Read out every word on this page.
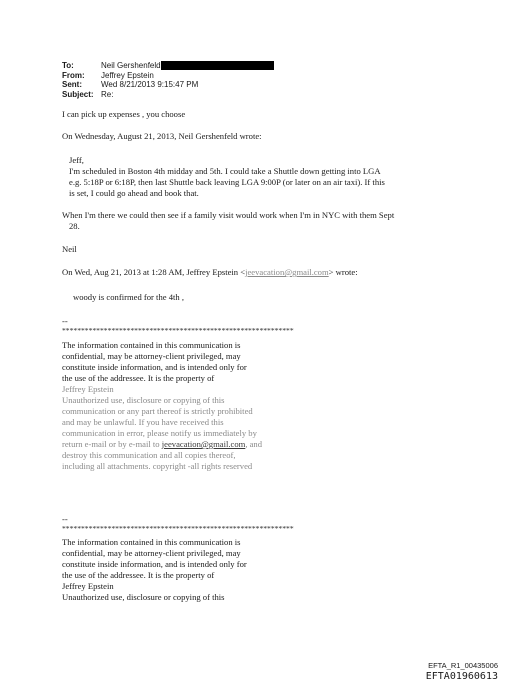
To:	Neil Gershenfeld
From:	Jeffrey Epstein
Sent:	Wed 8/21/2013 9:15:47 PM
Subject: Re:
I can pick up expenses , you choose
On Wednesday, August 21, 2013, Neil Gershenfeld wrote:
Jeff,
I'm scheduled in Boston 4th midday and 5th. I could take a Shuttle down getting into LGA
e.g. 5:18P or 6:18P, then last Shuttle back leaving LGA 9:00P (or later on an air taxi). If this
is set, I could go ahead and book that.
When I'm there we could then see if a family visit would work when I'm in NYC with them Sept
28.
Neil
On Wed, Aug 21, 2013 at 1:28 AM, Jeffrey Epstein <jeevacation@gmail.com> wrote:
woody is confirmed for the 4th ,
--
*************************************************************
The information contained in this communication is
confidential, may be attorney-client privileged, may
constitute inside information, and is intended only for
the use of the addressee. It is the property of
Jeffrey Epstein
Unauthorized use, disclosure or copying of this
communication or any part thereof is strictly prohibited
and may be unlawful. If you have received this
communication in error, please notify us immediately by
return e-mail or by e-mail to jeevacation@gmail.com, and
destroy this communication and all copies thereof,
including all attachments. copyright -all rights reserved
--
*************************************************************
The information contained in this communication is
confidential, may be attorney-client privileged, may
constitute inside information, and is intended only for
the use of the addressee. It is the property of
Jeffrey Epstein
Unauthorized use, disclosure or copying of this
EFTA_R1_00435006
EFTA01960613
